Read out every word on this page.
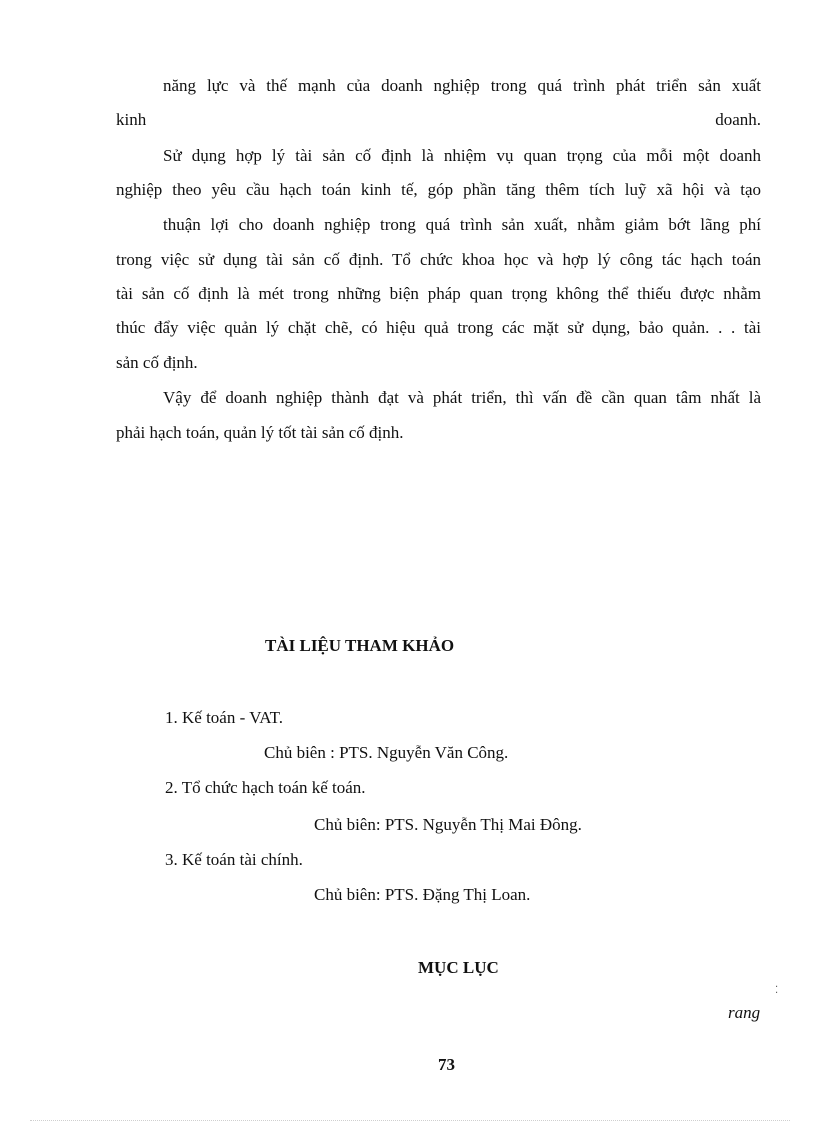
năng lực và thế mạnh của doanh nghiệp trong quá trình phát triển sản xuất
kinh	doanh.
Sử dụng hợp lý tài sản cố định là nhiệm vụ quan trọng của mỗi một doanh
nghiệp theo yêu cầu hạch toán kinh tế, góp phần tăng thêm tích luỹ xã hội và tạo
thuận lợi cho doanh nghiệp trong quá trình sản xuất, nhằm giảm bớt lãng phí
trong việc sử dụng tài sản cố định. Tổ chức khoa học và hợp lý công tác hạch toán
tài sản cố định là mét trong những biện pháp quan trọng không thể thiếu được nhằm
thúc đẩy việc quản lý chặt chẽ, có hiệu quả trong các mặt sử dụng, bảo quản. . . tài
sản cố định.
Vậy để doanh nghiệp thành đạt và phát triển, thì vấn đề cần quan tâm nhất là
phải hạch toán, quản lý tốt tài sản cố định.
TÀI LIỆU THAM KHẢO
1. Kế toán - VAT.
Chủ biên : PTS. Nguyễn Văn Công.
2. Tổ chức hạch toán kế toán.
Chủ biên: PTS. Nguyễn Thị Mai Đông.
3. Kế toán tài chính.
Chủ biên: PTS. Đặng Thị Loan.
MỤC LỤC
⁚
rang
73
